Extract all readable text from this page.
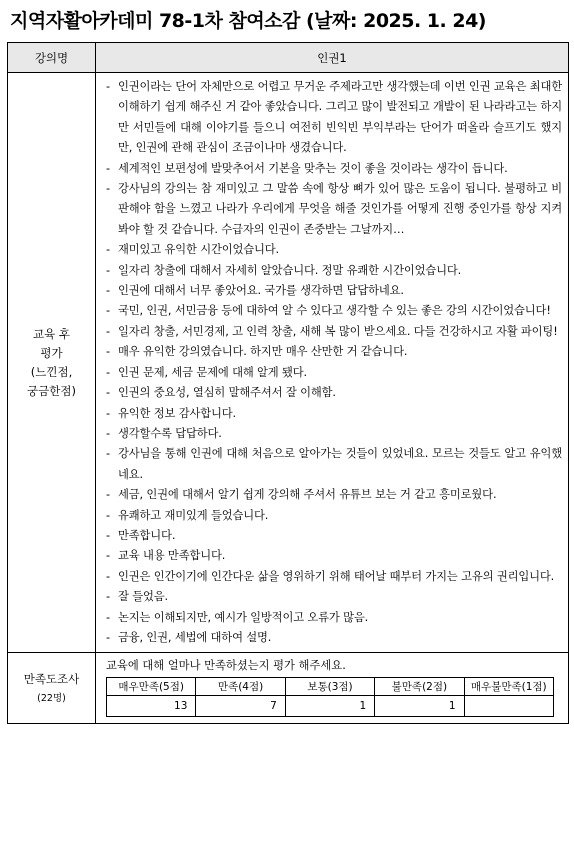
지역자활아카데미 78-1차 참여소감 (날짜: 2025. 1. 24)
강의명	인권1

교육 후
평가
(느낀점,
궁금한점)

- 인권이라는 단어 자체만으로 어렵고 무거운 주제라고만 생각했는데 이번 인권 교육은 최대한 이해하기 쉽게 해주신 거 같아 좋았습니다. 그리고 많이 발전되고 개발이 된 나라라고는 하지만 서민들에 대해 이야기를 들으니 여전히 빈익빈 부익부라는 단어가 떠올라 슬프기도 했지만, 인권에 관해 관심이 조금이나마 생겼습니다.
- 세계적인 보편성에 발맞추어서 기본을 맞추는 것이 좋을 것이라는 생각이 듭니다.
- 강사님의 강의는 참 재미있고 그 말씀 속에 항상 뼈가 있어 많은 도움이 됩니다. 불평하고 비판해야 함을 느꼈고 나라가 우리에게 무엇을 해줄 것인가를 어떻게 진행 중인가를 항상 지켜봐야 할 것 같습니다. 수급자의 인권이 존중받는 그날까지…
- 재미있고 유익한 시간이었습니다.
- 일자리 창출에 대해서 자세히 알았습니다. 정말 유쾌한 시간이었습니다.
- 인권에 대해서 너무 좋았어요. 국가를 생각하면 답답하네요.
- 국민, 인권, 서민금융 등에 대하여 알 수 있다고 생각할 수 있는 좋은 강의 시간이었습니다!
- 일자리 창출, 서민경제, 고 인력 창출, 새해 복 많이 받으세요. 다들 건강하시고 자활 파이팅!
- 매우 유익한 강의였습니다. 하지만 매우 산만한 거 같습니다.
- 인권 문제, 세금 문제에 대해 알게 됐다.
- 인권의 중요성, 열심히 말해주셔서 잘 이해함.
- 유익한 정보 감사합니다.
- 생각할수록 답답하다.
- 강사님을 통해 인권에 대해 처음으로 알아가는 것들이 있었네요. 모르는 것들도 알고 유익했네요.
- 세금, 인권에 대해서 알기 쉽게 강의해 주셔서 유튜브 보는 거 같고 흥미로웠다.
- 유쾌하고 재미있게 들었습니다.
- 만족합니다.
- 교육 내용 만족합니다.
- 인권은 인간이기에 인간다운 삶을 영위하기 위해 태어날 때부터 가지는 고유의 권리입니다.
- 잘 들었음.
- 논지는 이해되지만, 예시가 일방적이고 오류가 많음.
- 금융, 인권, 세법에 대하여 설명.

만족도조사
(22명)

교육에 대해 얼마나 만족하셨는지 평가 해주세요.
매우만족(5점)	만족(4점)	보통(3점)	불만족(2점)	매우불만족(1점)
13	7	1	1	
